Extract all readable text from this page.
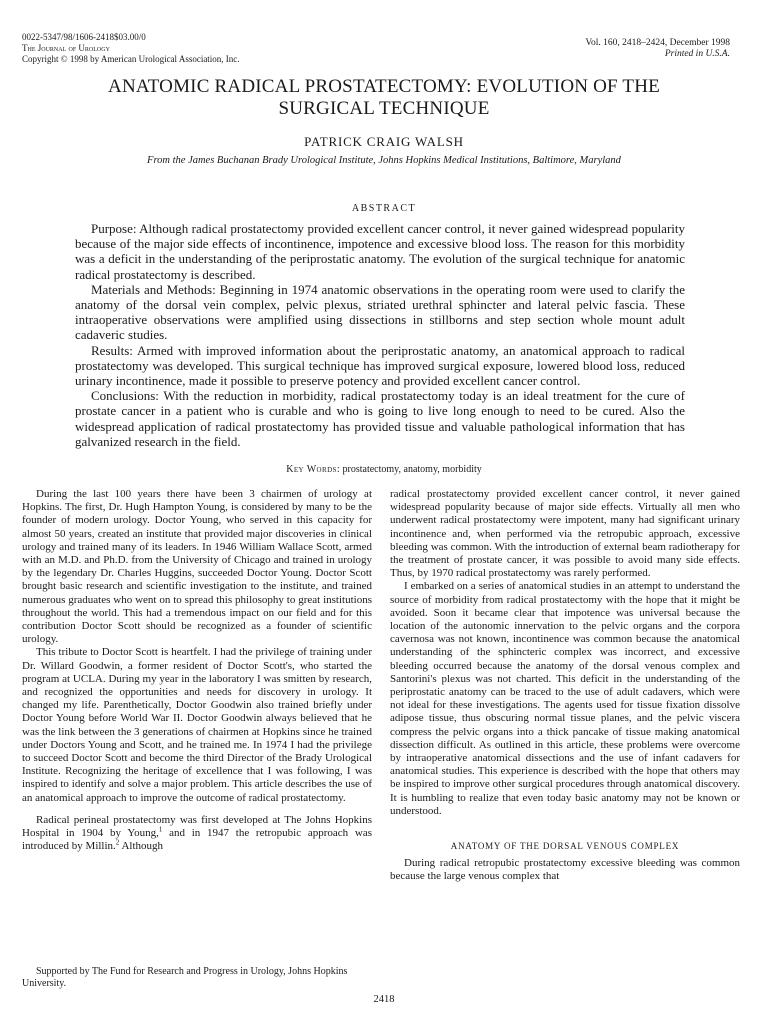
0022-5347/98/1606-2418$03.00/0
The Journal of Urology
Copyright © 1998 by American Urological Association, Inc.
Vol. 160, 2418–2424, December 1998
Printed in U.S.A.
ANATOMIC RADICAL PROSTATECTOMY: EVOLUTION OF THE
SURGICAL TECHNIQUE
PATRICK CRAIG WALSH
From the James Buchanan Brady Urological Institute, Johns Hopkins Medical Institutions, Baltimore, Maryland
ABSTRACT

Purpose: Although radical prostatectomy provided excellent cancer control, it never gained widespread popularity because of the major side effects of incontinence, impotence and excessive blood loss. The reason for this morbidity was a deficit in the understanding of the periprostatic anatomy. The evolution of the surgical technique for anatomic radical prostatectomy is described.

Materials and Methods: Beginning in 1974 anatomic observations in the operating room were used to clarify the anatomy of the dorsal vein complex, pelvic plexus, striated urethral sphincter and lateral pelvic fascia. These intraoperative observations were amplified using dissections in stillborns and step section whole mount adult cadaveric studies.

Results: Armed with improved information about the periprostatic anatomy, an anatomical approach to radical prostatectomy was developed. This surgical technique has improved surgical exposure, lowered blood loss, reduced urinary incontinence, made it possible to preserve potency and provided excellent cancer control.

Conclusions: With the reduction in morbidity, radical prostatectomy today is an ideal treatment for the cure of prostate cancer in a patient who is curable and who is going to live long enough to need to be cured. Also the widespread application of radical prostatectomy has provided tissue and valuable pathological information that has galvanized research in the field.

Key Words: prostatectomy, anatomy, morbidity

During the last 100 years there have been 3 chairmen of urology at Hopkins. The first, Dr. Hugh Hampton Young, is considered by many to be the founder of modern urology. Doctor Young, who served in this capacity for almost 50 years, created an institute that provided major discoveries in clinical urology and trained many of its leaders. In 1946 William Wallace Scott, armed with an M.D. and Ph.D. from the University of Chicago and trained in urology by the legendary Dr. Charles Huggins, succeeded Doctor Young. Doctor Scott brought basic research and scientific investigation to the institute, and trained numerous graduates who went on to spread this philosophy to great institutions throughout the world. This had a tremendous impact on our field and for this contribution Doctor Scott should be recognized as a founder of scientific urology.

This tribute to Doctor Scott is heartfelt. I had the privilege of training under Dr. Willard Goodwin, a former resident of Doctor Scott's, who started the program at UCLA. During my year in the laboratory I was smitten by research, and recognized the opportunities and needs for discovery in urology. It changed my life. Parenthetically, Doctor Goodwin also trained briefly under Doctor Young before World War II. Doctor Goodwin always believed that he was the link between the 3 generations of chairmen at Hopkins since he trained under Doctors Young and Scott, and he trained me. In 1974 I had the privilege to succeed Doctor Scott and become the third Director of the Brady Urological Institute. Recognizing the heritage of excellence that I was following, I was inspired to identify and solve a major problem. This article describes the use of an anatomical approach to improve the outcome of radical prostatectomy.

Radical perineal prostatectomy was first developed at The Johns Hopkins Hospital in 1904 by Young,$^1$ and in 1947 the retropubic approach was introduced by Millin.$^2$ Although

radical prostatectomy provided excellent cancer control, it never gained widespread popularity because of major side effects. Virtually all men who underwent radical prostatectomy were impotent, many had significant urinary incontinence and, when performed via the retropubic approach, excessive bleeding was common. With the introduction of external beam radiotherapy for the treatment of prostate cancer, it was possible to avoid many side effects. Thus, by 1970 radical prostatectomy was rarely performed.

I embarked on a series of anatomical studies in an attempt to understand the source of morbidity from radical prostatectomy with the hope that it might be avoided. Soon it became clear that impotence was universal because the location of the autonomic innervation to the pelvic organs and the corpora cavernosa was not known, incontinence was common because the anatomical understanding of the sphincteric complex was incorrect, and excessive bleeding occurred because the anatomy of the dorsal venous complex and Santorini's plexus was not charted. This deficit in the understanding of the periprostatic anatomy can be traced to the use of adult cadavers, which were not ideal for these investigations. The agents used for tissue fixation dissolve adipose tissue, thus obscuring normal tissue planes, and the pelvic viscera compress the pelvic organs into a thick pancake of tissue making anatomical dissection difficult. As outlined in this article, these problems were overcome by intraoperative anatomical dissections and the use of infant cadavers for anatomical studies. This experience is described with the hope that others may be inspired to improve other surgical procedures through anatomical discovery. It is humbling to realize that even today basic anatomy may not be known or understood.

ANATOMY OF THE DORSAL VENOUS COMPLEX

During radical retropubic prostatectomy excessive bleeding was common because the large venous complex that

Supported by The Fund for Research and Progress in Urology, Johns Hopkins University.

2418
